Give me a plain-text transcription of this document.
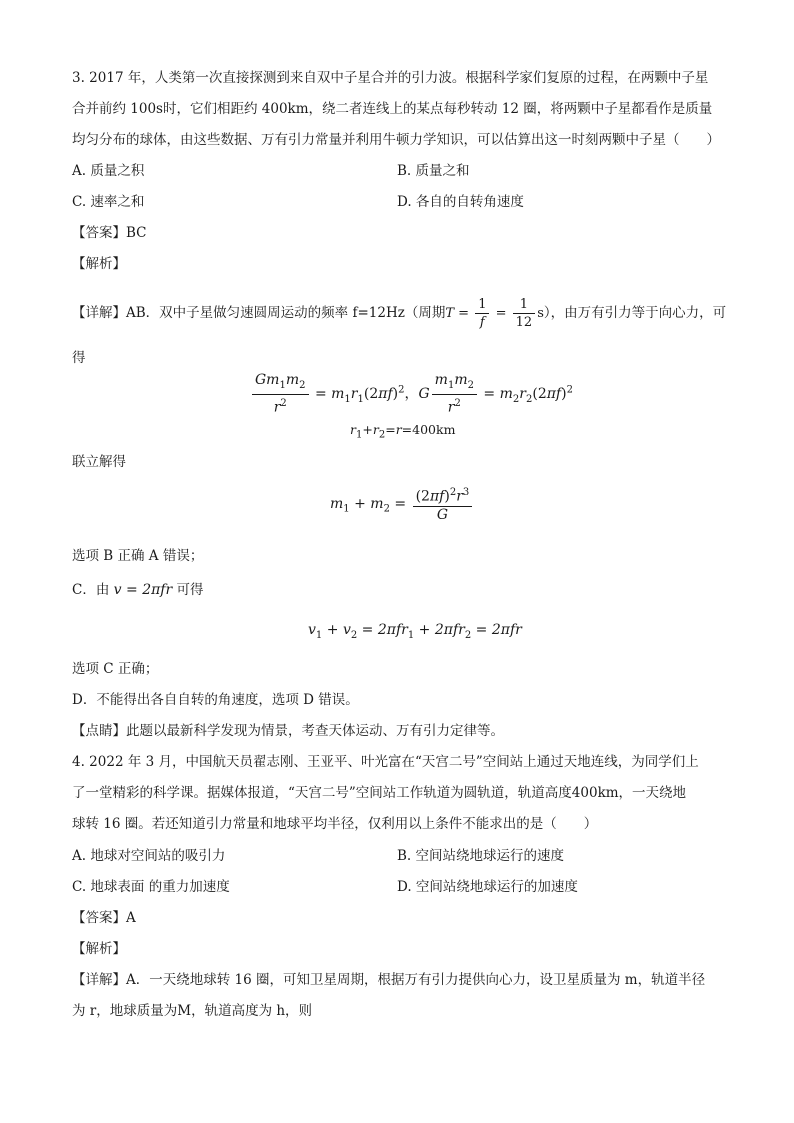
3. 2017 年，人类第一次直接探测到来自双中子星合并的引力波。根据科学家们复原的过程，在两颗中子星
合并前约 100s时，它们相距约 400km，绕二者连线上的某点每秒转动 12 圈，将两颗中子星都看作是质量
均匀分布的球体，由这些数据、万有引力常量并利用牛顿力学知识，可以估算出这一时刻两颗中子星（　　）
A. 质量之积	B. 质量之和
C. 速率之和	D. 各自的自转角速度
【答案】BC
【解析】
【详解】AB．双中子星做匀速圆周运动的频率 f=12Hz（周期$T = \frac{1}{f} = \frac{1}{12} s$），由万有引力等于向心力，可
得
$\frac{Gm_1m_2}{r^2} = m_1r_1(2\pi f)^2$，G $\frac{m_1m_2}{r^2} = m_2r_2(2\pi f)^2$
$r_1+r_2=r=400km$
联立解得
$m_1 + m_2 = \frac{(2\pi f)^2r^3}{G}$
选项 B 正确 A 错误；
C．由 v = 2πfr 可得
$v_1 + v_2 = 2\pi fr_1 + 2\pi fr_2 = 2\pi fr$
选项 C 正确；
D．不能得出各自自转的角速度，选项 D 错误。
【点睛】此题以最新科学发现为情景，考查天体运动、万有引力定律等。
4. 2022 年 3 月，中国航天员翟志刚、王亚平、叶光富在“天宫二号”空间站上通过天地连线，为同学们上
了一堂精彩的科学课。据媒体报道，“天宫二号”空间站工作轨道为圆轨道，轨道高度400km，一天绕地
球转 16 圈。若还知道引力常量和地球平均半径，仅利用以上条件不能求出的是（　　）
A. 地球对空间站的吸引力	B. 空间站绕地球运行的速度
C. 地球表面 的重力加速度	D. 空间站绕地球运行的加速度
【答案】A
【解析】
【详解】A．一天绕地球转 16 圈，可知卫星周期，根据万有引力提供向心力，设卫星质量为 m，轨道半径
为 r，地球质量为M，轨道高度为 h，则
